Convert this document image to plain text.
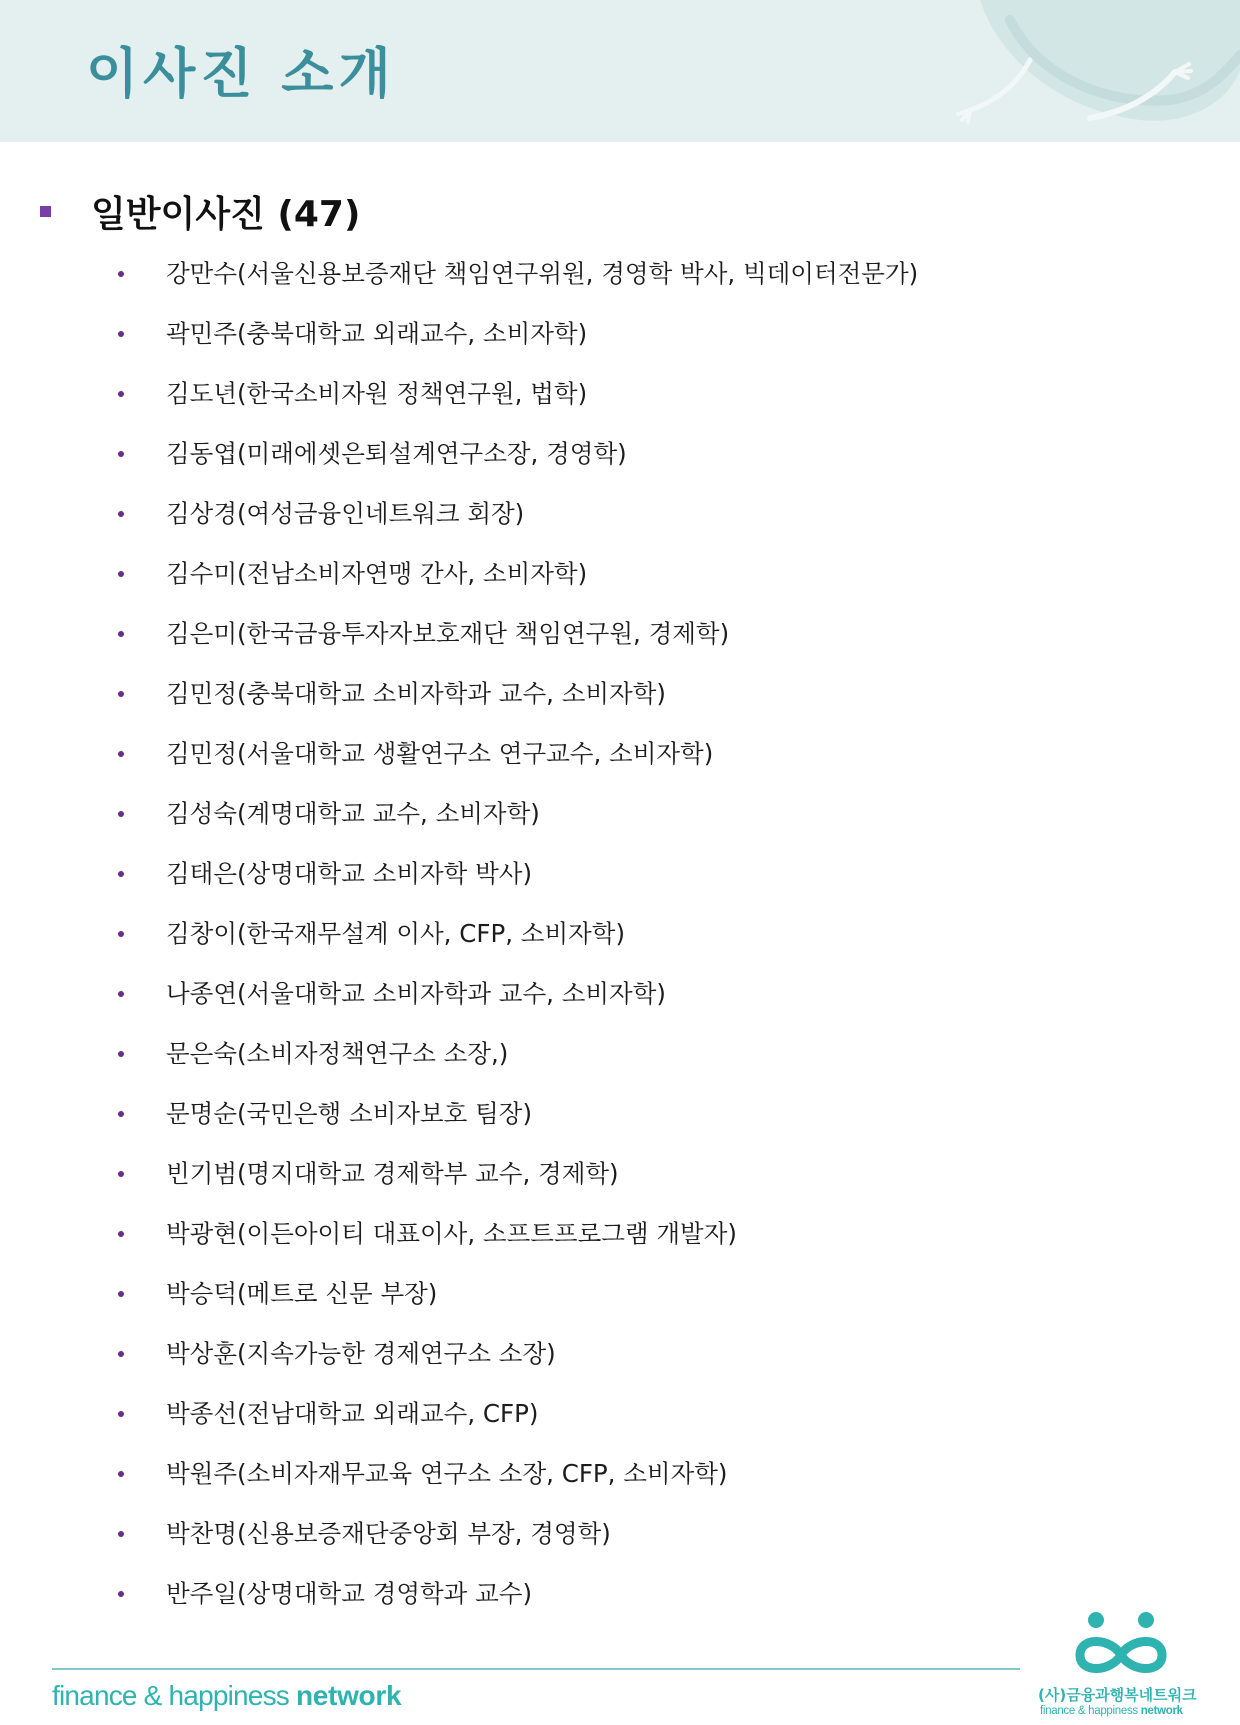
이사진 소개
일반이사진 (47)
강만수(서울신용보증재단 책임연구위원, 경영학 박사, 빅데이터전문가)
곽민주(충북대학교 외래교수, 소비자학)
김도년(한국소비자원 정책연구원, 법학)
김동엽(미래에셋은퇴설계연구소장, 경영학)
김상경(여성금융인네트워크 회장)
김수미(전남소비자연맹 간사, 소비자학)
김은미(한국금융투자자보호재단 책임연구원, 경제학)
김민정(충북대학교 소비자학과 교수, 소비자학)
김민정(서울대학교 생활연구소 연구교수, 소비자학)
김성숙(계명대학교 교수, 소비자학)
김태은(상명대학교 소비자학 박사)
김창이(한국재무설계 이사, CFP, 소비자학)
나종연(서울대학교 소비자학과 교수, 소비자학)
문은숙(소비자정책연구소 소장,)
문명순(국민은행 소비자보호 팀장)
빈기범(명지대학교 경제학부 교수, 경제학)
박광현(이든아이티 대표이사, 소프트프로그램 개발자)
박승덕(메트로 신문 부장)
박상훈(지속가능한 경제연구소 소장)
박종선(전남대학교 외래교수, CFP)
박원주(소비자재무교육 연구소 소장, CFP, 소비자학)
박찬명(신용보증재단중앙회 부장, 경영학)
반주일(상명대학교 경영학과 교수)
finance & happiness network	(사)금융과행복네트워크
finance & happiness network
